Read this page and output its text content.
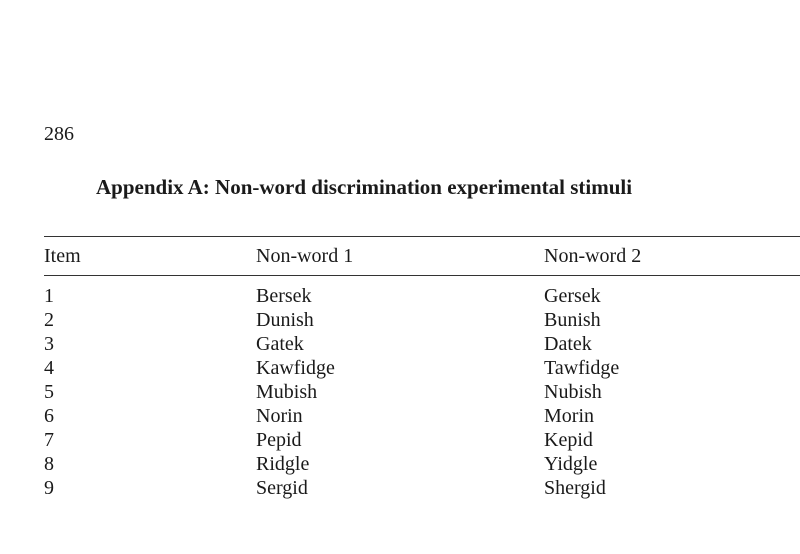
286

Appendix A: Non-word discrimination experimental stimuli
Item	Non-word 1	Non-word 2
1	Bersek	Gersek
2	Dunish	Bunish
3	Gatek	Datek
4	Kawfidge	Tawfidge
5	Mubish	Nubish
6	Norin	Morin
7	Pepid	Kepid
8	Ridgle	Yidgle
9	Sergid	Shergid
